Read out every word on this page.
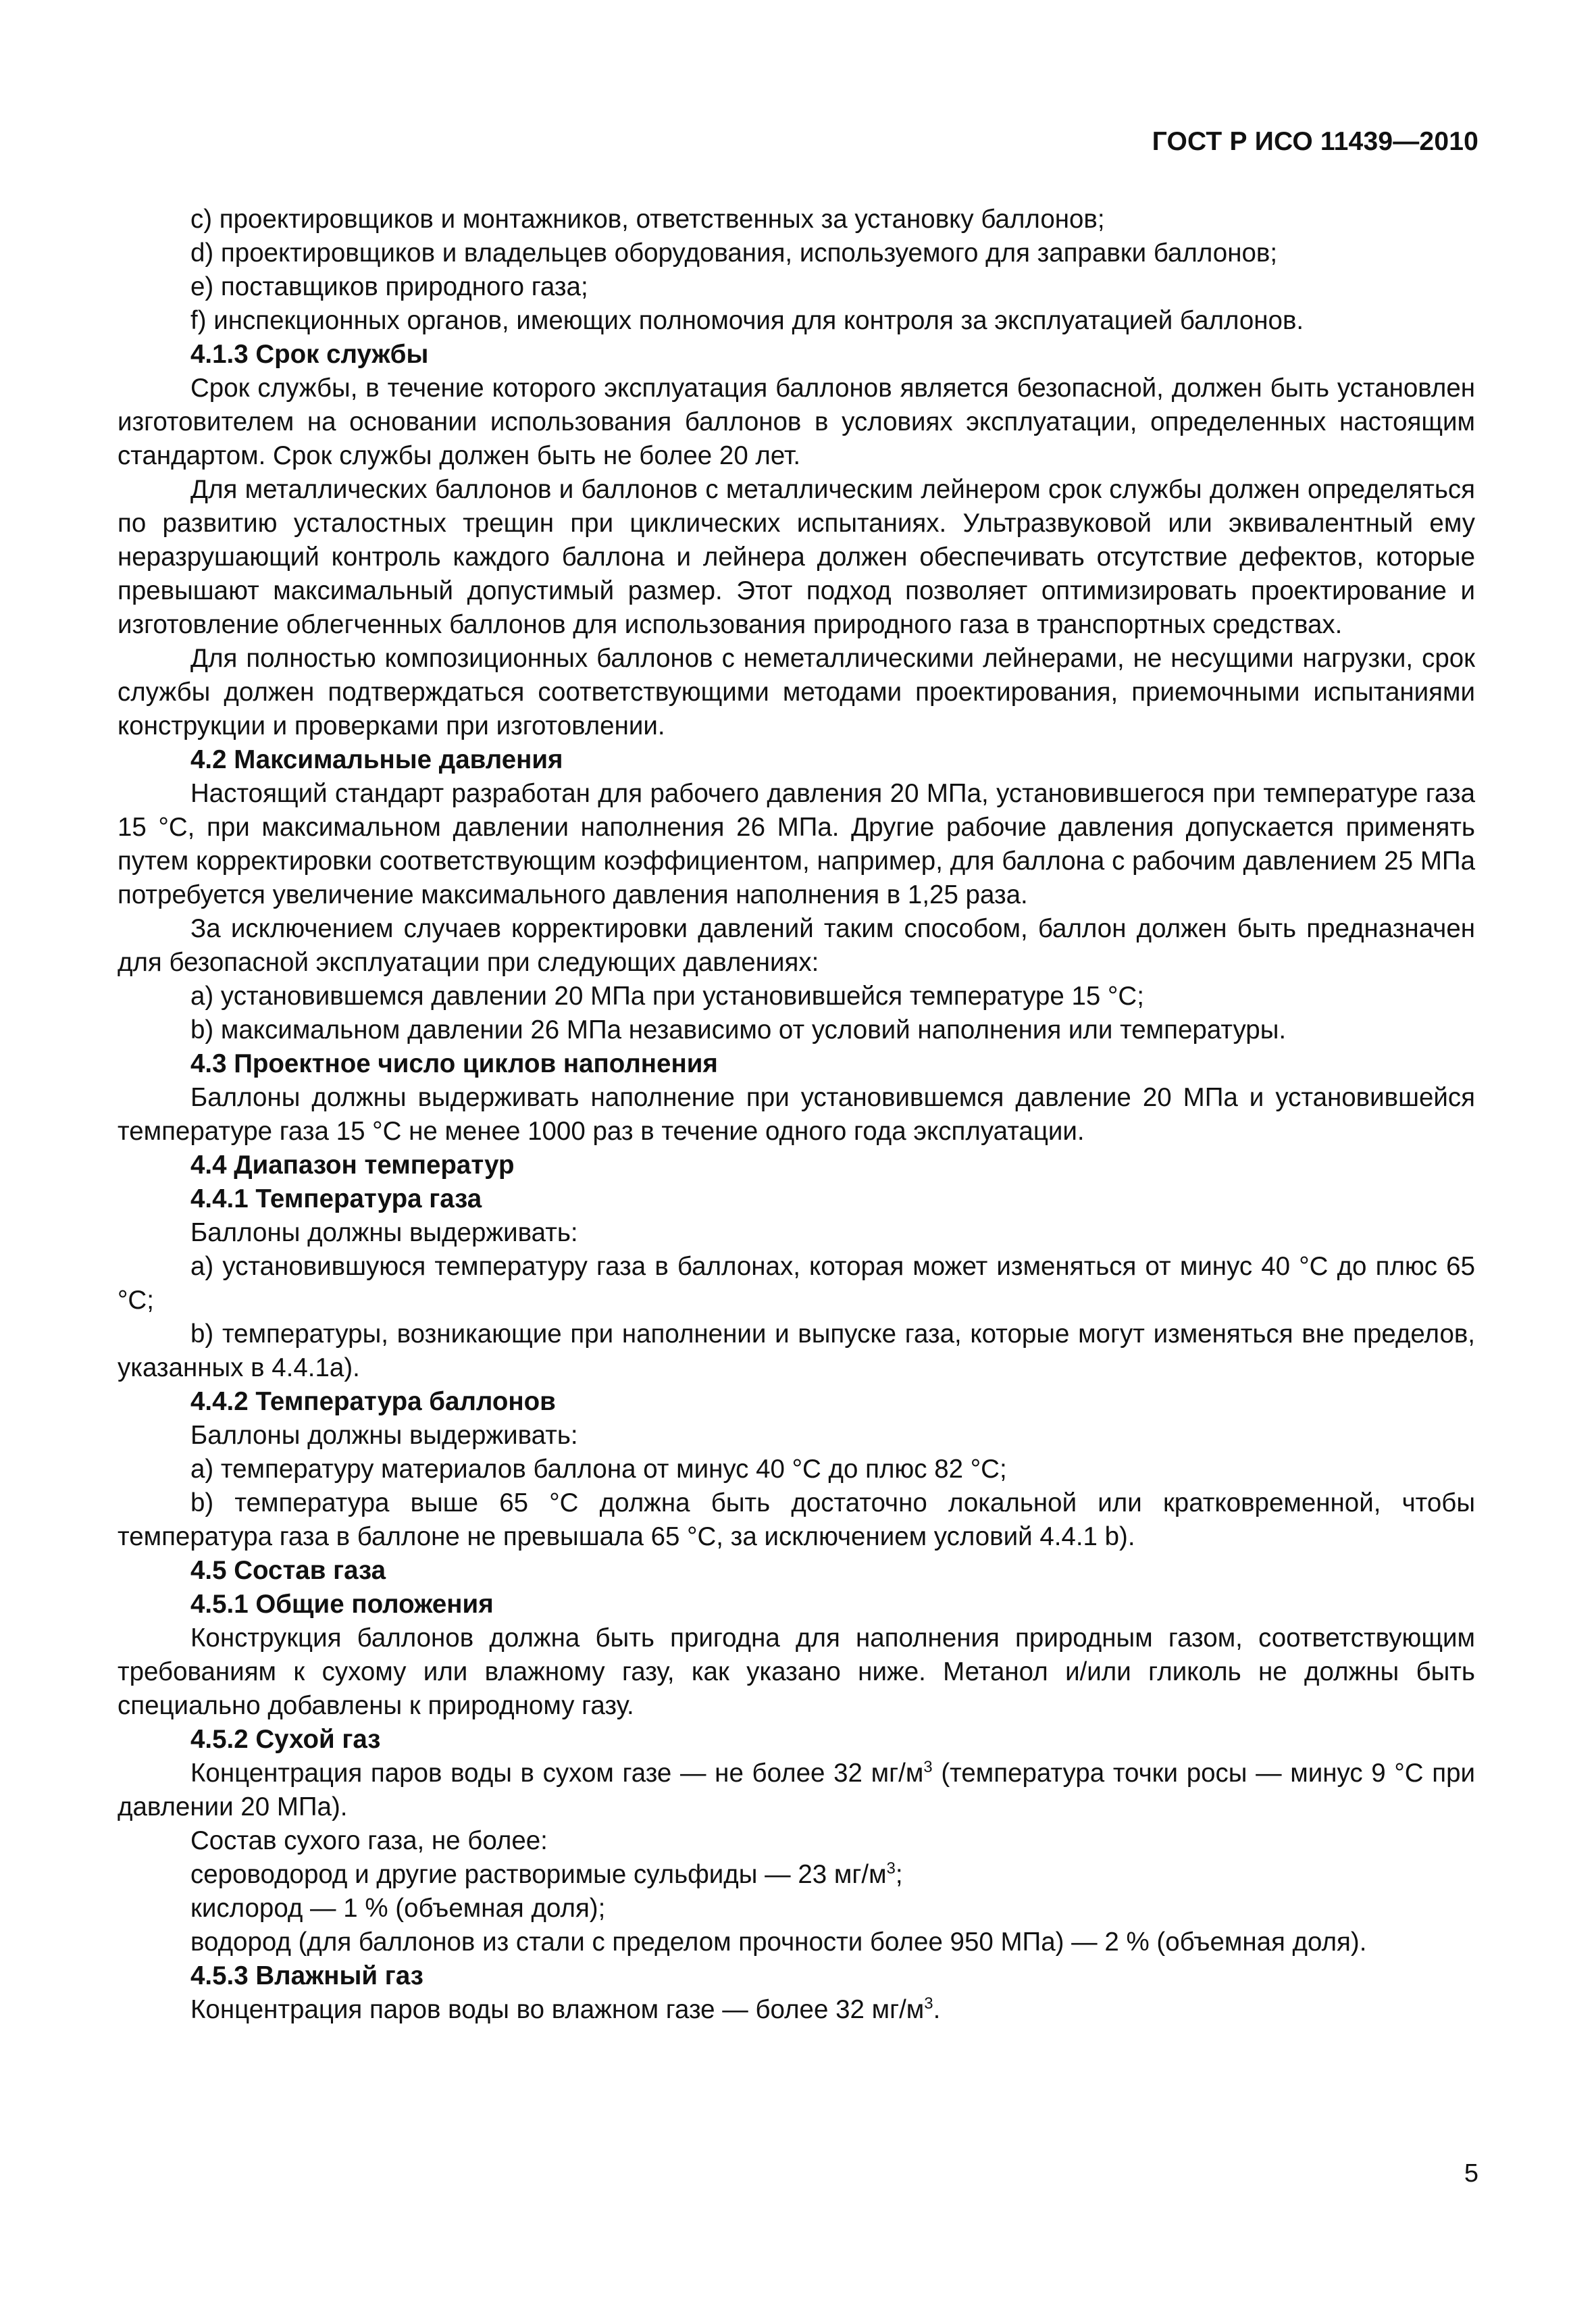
ГОСТ Р ИСО 11439—2010

c) проектировщиков и монтажников, ответственных за установку баллонов;

d) проектировщиков и владельцев оборудования, используемого для заправки баллонов;

e) поставщиков природного газа;

f) инспекционных органов, имеющих полномочия для контроля за эксплуатацией баллонов.

4.1.3 Срок службы

Срок службы, в течение которого эксплуатация баллонов является безопасной, должен быть установлен изготовителем на основании использования баллонов в условиях эксплуатации, определенных настоящим стандартом. Срок службы должен быть не более 20 лет.

Для металлических баллонов и баллонов с металлическим лейнером срок службы должен определяться по развитию усталостных трещин при циклических испытаниях. Ультразвуковой или эквивалентный ему неразрушающий контроль каждого баллона и лейнера должен обеспечивать отсутствие дефектов, которые превышают максимальный допустимый размер. Этот подход позволяет оптимизировать проектирование и изготовление облегченных баллонов для использования природного газа в транспортных средствах.

Для полностью композиционных баллонов с неметаллическими лейнерами, не несущими нагрузки, срок службы должен подтверждаться соответствующими методами проектирования, приемочными испытаниями конструкции и проверками при изготовлении.

4.2 Максимальные давления

Настоящий стандарт разработан для рабочего давления 20 МПа, установившегося при температуре газа 15 °С, при максимальном давлении наполнения 26 МПа. Другие рабочие давления допускается применять путем корректировки соответствующим коэффициентом, например, для баллона с рабочим давлением 25 МПа потребуется увеличение максимального давления наполнения в 1,25 раза.

За исключением случаев корректировки давлений таким способом, баллон должен быть предназначен для безопасной эксплуатации при следующих давлениях:

a) установившемся давлении 20 МПа при установившейся температуре 15 °С;

b) максимальном давлении 26 МПа независимо от условий наполнения или температуры.

4.3 Проектное число циклов наполнения

Баллоны должны выдерживать наполнение при установившемся давление 20 МПа и установившейся температуре газа 15 °С не менее 1000 раз в течение одного года эксплуатации.

4.4 Диапазон температур

4.4.1 Температура газа

Баллоны должны выдерживать:

a) установившуюся температуру газа в баллонах, которая может изменяться от минус 40 °С до плюс 65 °С;

b) температуры, возникающие при наполнении и выпуске газа, которые могут изменяться вне пределов, указанных в 4.4.1а).

4.4.2 Температура баллонов

Баллоны должны выдерживать:

a) температуру материалов баллона от минус 40 °С до плюс 82 °С;

b) температура выше 65 °С должна быть достаточно локальной или кратковременной, чтобы температура газа в баллоне не превышала 65 °С, за исключением условий 4.4.1 b).

4.5 Состав газа

4.5.1 Общие положения

Конструкция баллонов должна быть пригодна для наполнения природным газом, соответствующим требованиям к сухому или влажному газу, как указано ниже. Метанол и/или гликоль не должны быть специально добавлены к природному газу.

4.5.2 Сухой газ

Концентрация паров воды в сухом газе — не более 32 $мг/м^3$ (температура точки росы — минус 9 °С при давлении 20 МПа).

Состав сухого газа, не более:

сероводород и другие растворимые сульфиды — 23 $мг/м^3$;

кислород — 1 % (объемная доля);

водород (для баллонов из стали с пределом прочности более 950 МПа) — 2 % (объемная доля).

4.5.3 Влажный газ

Концентрация паров воды во влажном газе — более 32 $мг/м^3$.

5
